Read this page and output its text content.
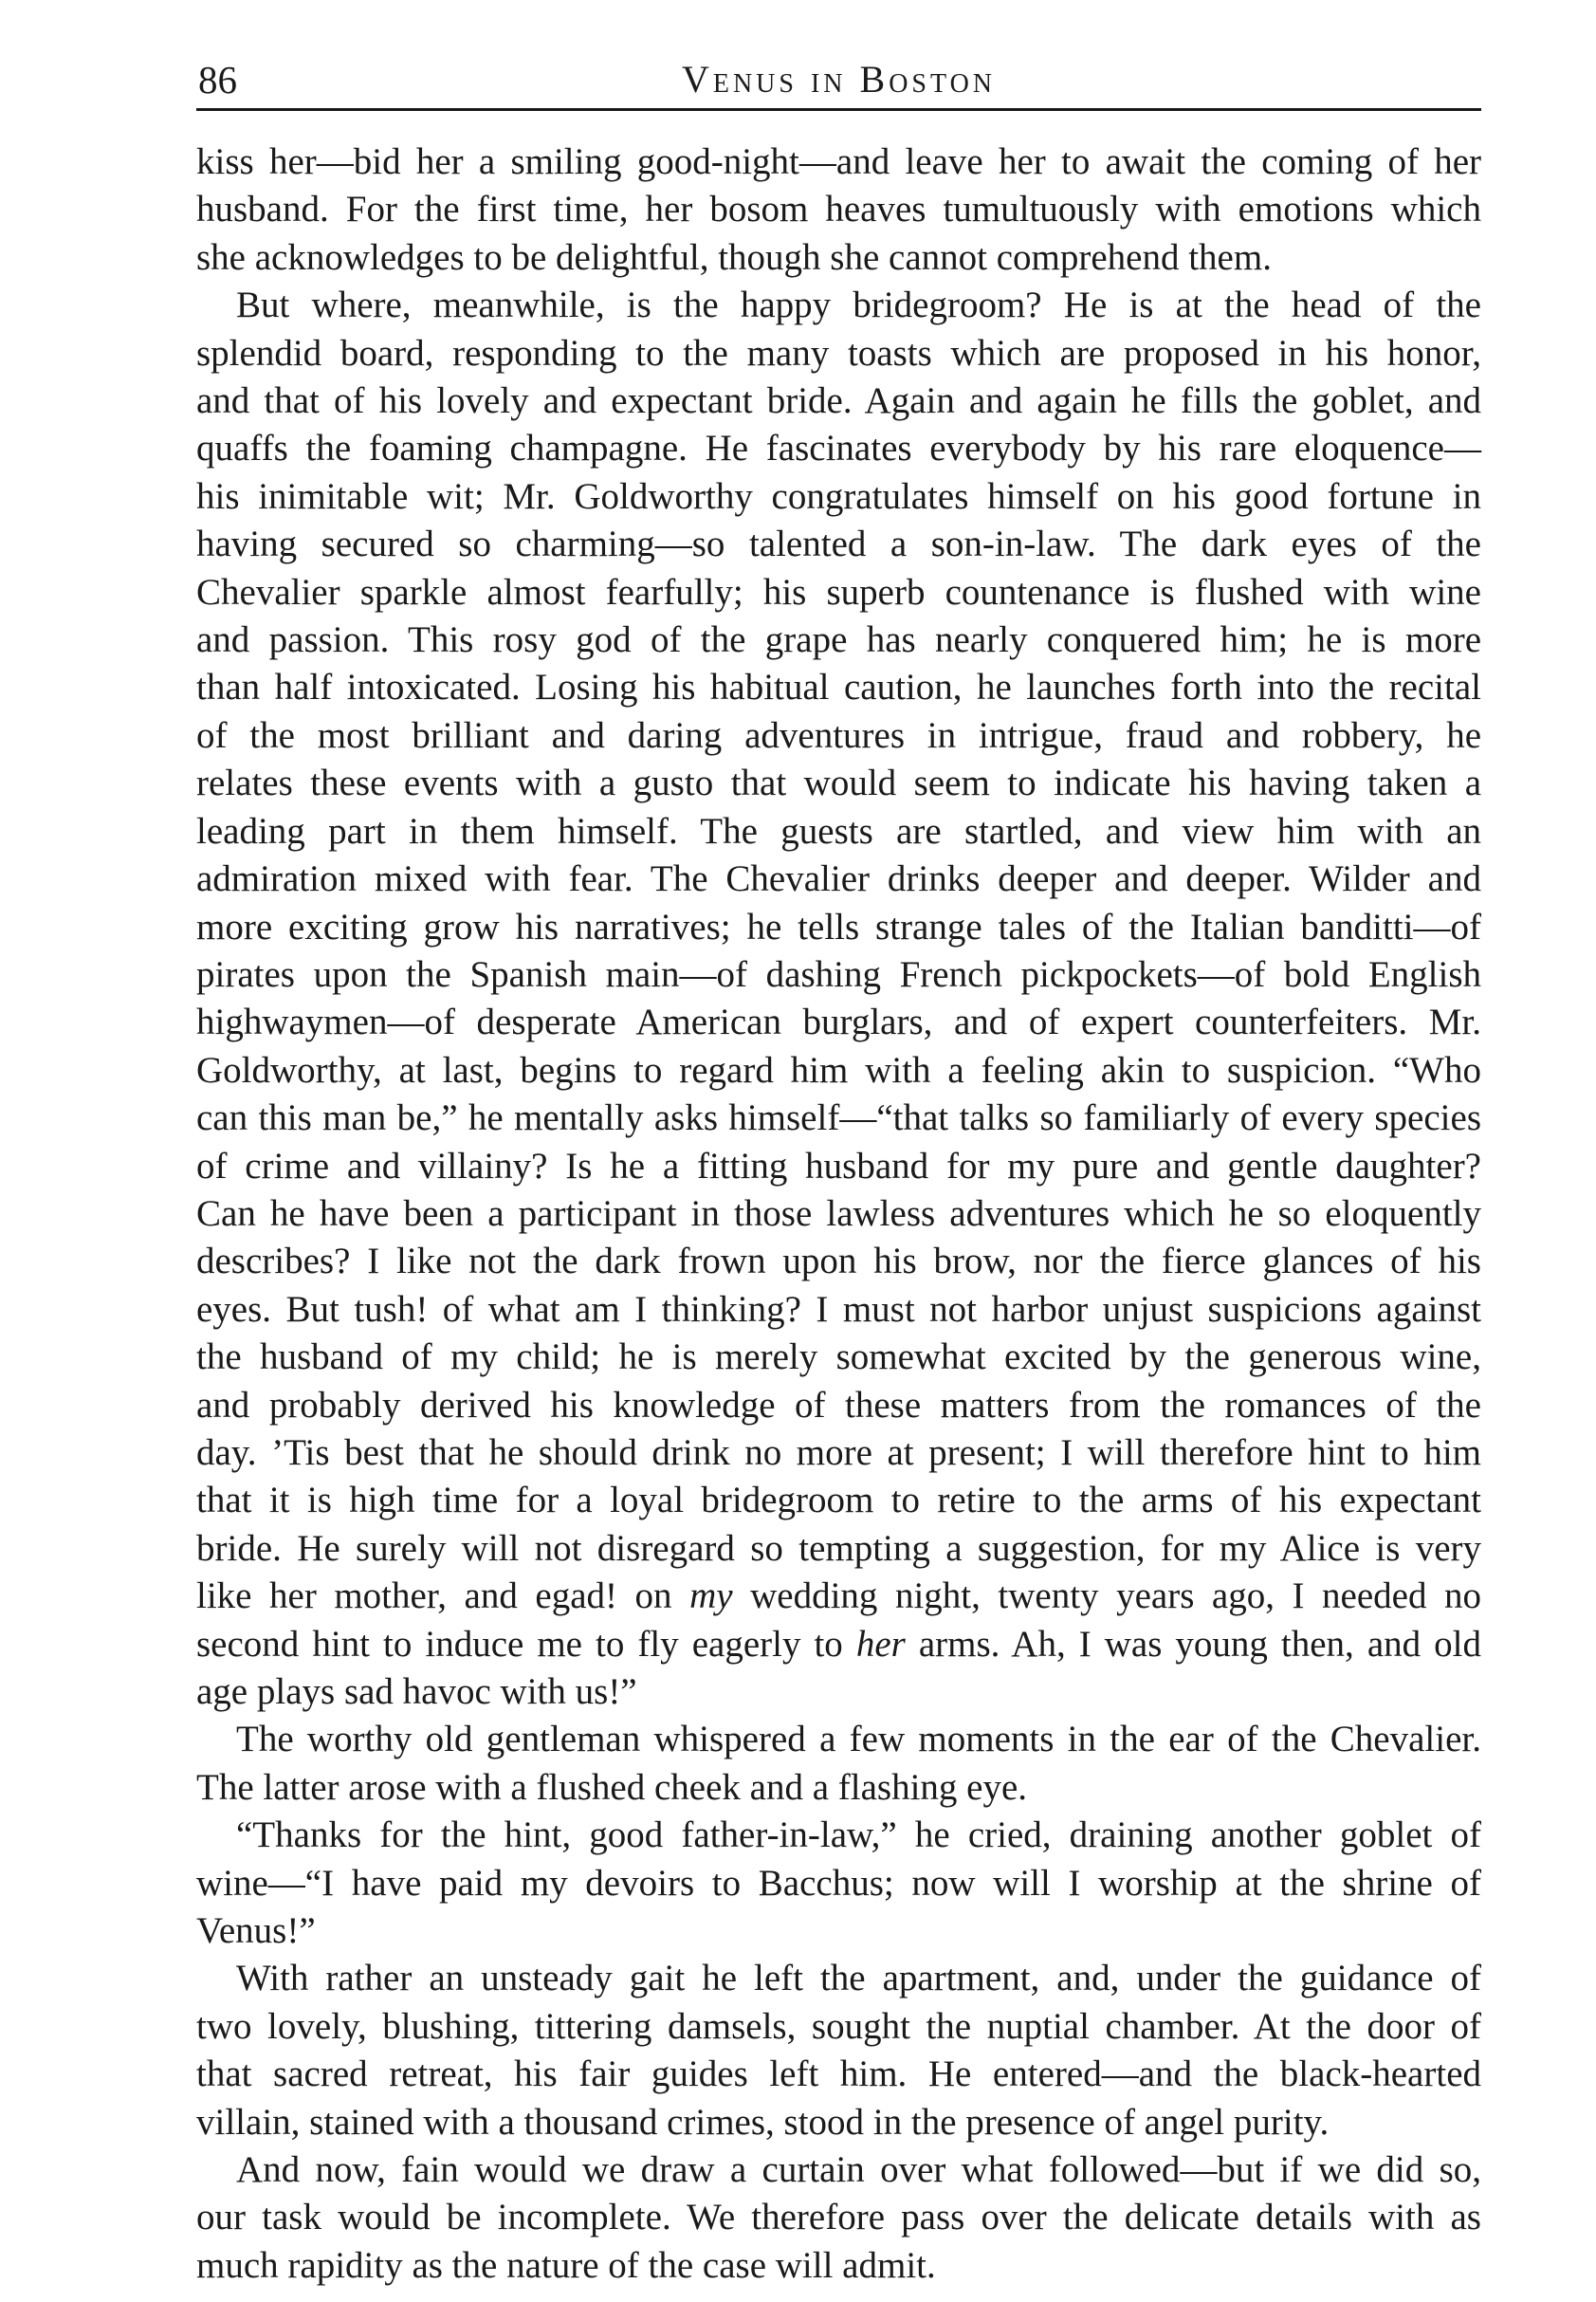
86	Venus in Boston
kiss her—bid her a smiling good-night—and leave her to await the coming of her
husband. For the first time, her bosom heaves tumultuously with emotions which
she acknowledges to be delightful, though she cannot comprehend them.
But where, meanwhile, is the happy bridegroom? He is at the head of the
splendid board, responding to the many toasts which are proposed in his honor,
and that of his lovely and expectant bride. Again and again he fills the goblet, and
quaffs the foaming champagne. He fascinates everybody by his rare eloquence—
his inimitable wit; Mr. Goldworthy congratulates himself on his good fortune in
having secured so charming—so talented a son-in-law. The dark eyes of the
Chevalier sparkle almost fearfully; his superb countenance is flushed with wine
and passion. This rosy god of the grape has nearly conquered him; he is more
than half intoxicated. Losing his habitual caution, he launches forth into the recital
of the most brilliant and daring adventures in intrigue, fraud and robbery, he
relates these events with a gusto that would seem to indicate his having taken a
leading part in them himself. The guests are startled, and view him with an
admiration mixed with fear. The Chevalier drinks deeper and deeper. Wilder and
more exciting grow his narratives; he tells strange tales of the Italian banditti—of
pirates upon the Spanish main—of dashing French pickpockets—of bold English
highwaymen—of desperate American burglars, and of expert counterfeiters. Mr.
Goldworthy, at last, begins to regard him with a feeling akin to suspicion. “Who
can this man be,” he mentally asks himself—“that talks so familiarly of every species
of crime and villainy? Is he a fitting husband for my pure and gentle daughter?
Can he have been a participant in those lawless adventures which he so eloquently
describes? I like not the dark frown upon his brow, nor the fierce glances of his
eyes. But tush! of what am I thinking? I must not harbor unjust suspicions against
the husband of my child; he is merely somewhat excited by the generous wine,
and probably derived his knowledge of these matters from the romances of the
day. ’Tis best that he should drink no more at present; I will therefore hint to him
that it is high time for a loyal bridegroom to retire to the arms of his expectant
bride. He surely will not disregard so tempting a suggestion, for my Alice is very
like her mother, and egad! on my wedding night, twenty years ago, I needed no
second hint to induce me to fly eagerly to her arms. Ah, I was young then, and old
age plays sad havoc with us!”
The worthy old gentleman whispered a few moments in the ear of the Chevalier.
The latter arose with a flushed cheek and a flashing eye.
“Thanks for the hint, good father-in-law,” he cried, draining another goblet of
wine—“I have paid my devoirs to Bacchus; now will I worship at the shrine of
Venus!”
With rather an unsteady gait he left the apartment, and, under the guidance of
two lovely, blushing, tittering damsels, sought the nuptial chamber. At the door of
that sacred retreat, his fair guides left him. He entered—and the black-hearted
villain, stained with a thousand crimes, stood in the presence of angel purity.
And now, fain would we draw a curtain over what followed—but if we did so,
our task would be incomplete. We therefore pass over the delicate details with as
much rapidity as the nature of the case will admit.
